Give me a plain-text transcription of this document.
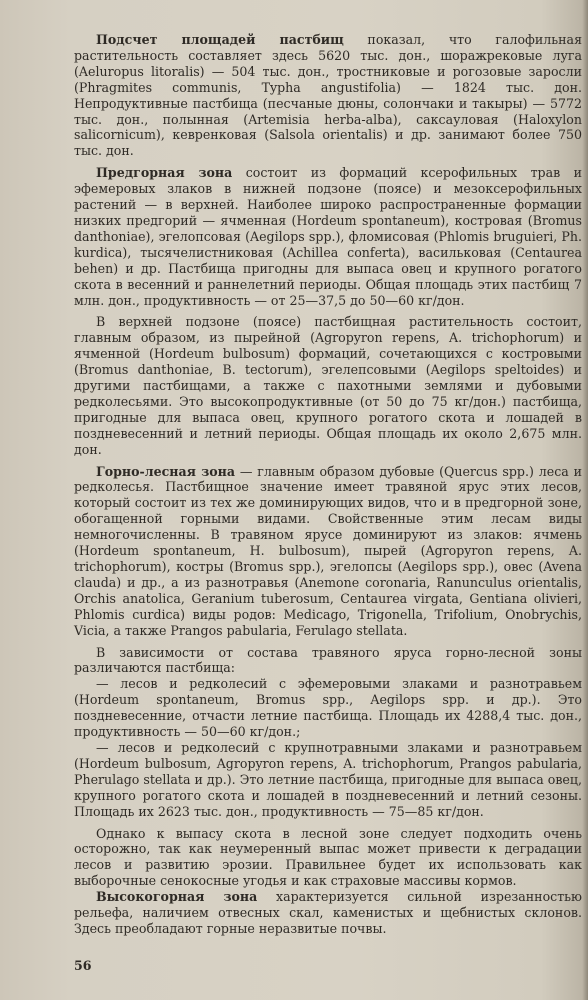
Подсчет площадей пастбищ показал, что галофильная растительность составляет здесь 5620 тыс. дон., шоражрековые луга (Aeluropus litoralis) — 504 тыс. дон., тростниковые и рогозовые заросли (Phragmites communis, Typha angustifolia) — 1824 тыс. дон. Непродуктивные пастбища (песчаные дюны, солончаки и такыры) — 5772 тыс. дон., полынная (Artemisia herba-alba), саксауловая (Haloxylon salicornicum), кевренковая (Salsola orientalis) и др. занимают более 750 тыс. дон.

Предгорная зона состоит из формаций ксерофильных трав и эфемеровых злаков в нижней подзоне (поясе) и мезоксерофильных растений — в верхней. Наиболее широко распространенные формации низких предгорий — ячменная (Hordeum spontaneum), костровая (Bromus danthoniae), эгелопсовая (Aegilops spp.), фломисовая (Phlomis bruguieri, Ph. kurdica), тысячелистниковая (Achillea conferta), васильковая (Centaurea behen) и др. Пастбища пригодны для выпаса овец и крупного рогатого скота в весенний и раннелетний периоды. Общая площадь этих пастбищ 7 млн. дон., продуктивность — от 25—37,5 до 50—60 кг/дон.

В верхней подзоне (поясе) пастбищная растительность состоит, главным образом, из пырейной (Agropyron repens, A. trichophorum) и ячменной (Hordeum bulbosum) формаций, сочетающихся с костровыми (Bromus danthoniae, B. tectorum), эгелепсовыми (Aegilops speltoides) и другими пастбищами, а также с пахотными землями и дубовыми редколесьями. Это высокопродуктивные (от 50 до 75 кг/дон.) пастбища, пригодные для выпаса овец, крупного рогатого скота и лошадей в поздневесенний и летний периоды. Общая площадь их около 2,675 млн. дон.

Горно-лесная зона — главным образом дубовые (Quercus spp.) леса и редколесья. Пастбищное значение имеет травяной ярус этих лесов, который состоит из тех же доминирующих видов, что и в предгорной зоне, обогащенной горными видами. Свойственные этим лесам виды немногочисленны. В травяном ярусе доминируют из злаков: ячмень (Hordeum spontaneum, H. bulbosum), пырей (Agropyron repens, A. trichophorum), костры (Bromus spp.), эгелопсы (Aegilops spp.), овес (Avena clauda) и др., а из разнотравья (Anemone coronaria, Ranunculus orientalis, Orchis anatolica, Geranium tuberosum, Centaurea virgata, Gentiana olivieri, Phlomis curdica) виды родов: Medicago, Trigonella, Trifolium, Onobrychis, Vicia, а также Prangos pabularia, Ferulago stellata.

В зависимости от состава травяного яруса горно-лесной зоны различаются пастбища:

— лесов и редколесий с эфемеровыми злаками и разнотравьем (Hordeum spontaneum, Bromus spp., Aegilops spp. и др.). Это поздневесенние, отчасти летние пастбища. Площадь их 4288,4 тыс. дон., продуктивность — 50—60 кг/дон.;

— лесов и редколесий с крупнотравными злаками и разнотравьем (Hordeum bulbosum, Agropyron repens, A. trichophorum, Prangos pabularia, Pherulago stellata и др.). Это летние пастбища, пригодные для выпаса овец, крупного рогатого скота и лошадей в поздневесенний и летний сезоны. Площадь их 2623 тыс. дон., продуктивность — 75—85 кг/дон.

Однако к выпасу скота в лесной зоне следует подходить очень осторожно, так как неумеренный выпас может привести к деградации лесов и развитию эрозии. Правильнее будет их использовать как выборочные сенокосные угодья и как страховые массивы кормов.

Высокогорная зона характеризуется сильной изрезанностью рельефа, наличием отвесных скал, каменистых и щебнистых склонов. Здесь преобладают горные неразвитые почвы.

56
